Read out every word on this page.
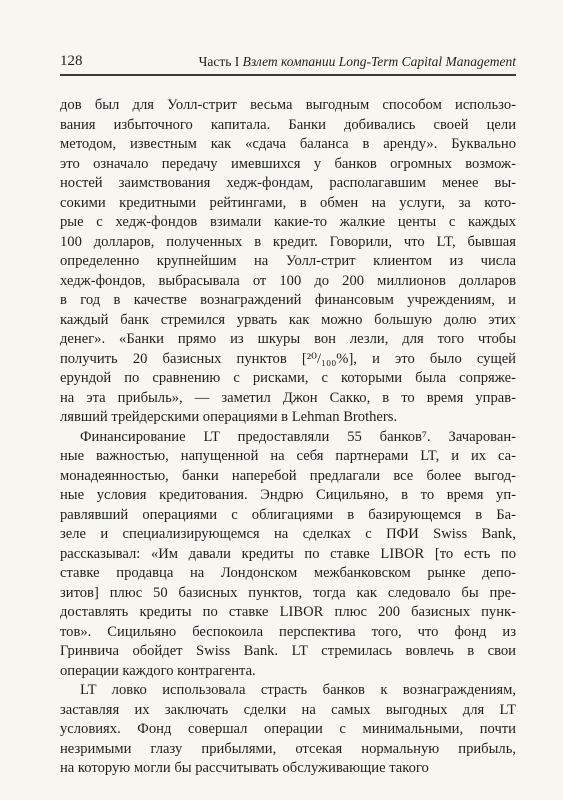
128	Часть I Взлет компании Long-Term Capital Management
дов был для Уолл-стрит весьма выгодным способом использо-
вания избыточного капитала. Банки добивались своей цели
методом, известным как «сдача баланса в аренду». Буквально
это означало передачу имевшихся у банков огромных возмож-
ностей заимствования хедж-фондам, располагавшим менее вы-
сокими кредитными рейтингами, в обмен на услуги, за кото-
рые с хедж-фондов взимали какие-то жалкие центы с каждых
100 долларов, полученных в кредит. Говорили, что LT, бывшая
определенно крупнейшим на Уолл-стрит клиентом из числа
хедж-фондов, выбрасывала от 100 до 200 миллионов долларов
в год в качестве вознаграждений финансовым учреждениям, и
каждый банк стремился урвать как можно большую долю этих
денег». «Банки прямо из шкуры вон лезли, для того чтобы
получить 20 базисных пунктов [²⁰/₁₀₀%], и это было сущей
ерундой по сравнению с рисками, с которыми была сопряже-
на эта прибыль», — заметил Джон Сакко, в то время управ-
лявший трейдерскими операциями в Lehman Brothers.
Финансирование LT предоставляли 55 банков⁷. Зачарован-
ные важностью, напущенной на себя партнерами LT, и их са-
монадеянностью, банки наперебой предлагали все более выгод-
ные условия кредитования. Эндрю Сицильяно, в то время уп-
равлявший операциями с облигациями в базирующемся в Ба-
зеле и специализирующемся на сделках с ПФИ Swiss Bank,
рассказывал: «Им давали кредиты по ставке LIBOR [то есть по
ставке продавца на Лондонском межбанковском рынке депо-
зитов] плюс 50 базисных пунктов, тогда как следовало бы пре-
доставлять кредиты по ставке LIBOR плюс 200 базисных пунк-
тов». Сицильяно беспокоила перспектива того, что фонд из
Гринвича обойдет Swiss Bank. LT стремилась вовлечь в свои
операции каждого контрагента.
LT ловко использовала страсть банков к вознаграждениям,
заставляя их заключать сделки на самых выгодных для LT
условиях. Фонд совершал операции с минимальными, почти
незримыми глазу прибылями, отсекая нормальную прибыль,
на которую могли бы рассчитывать обслуживающие такого
